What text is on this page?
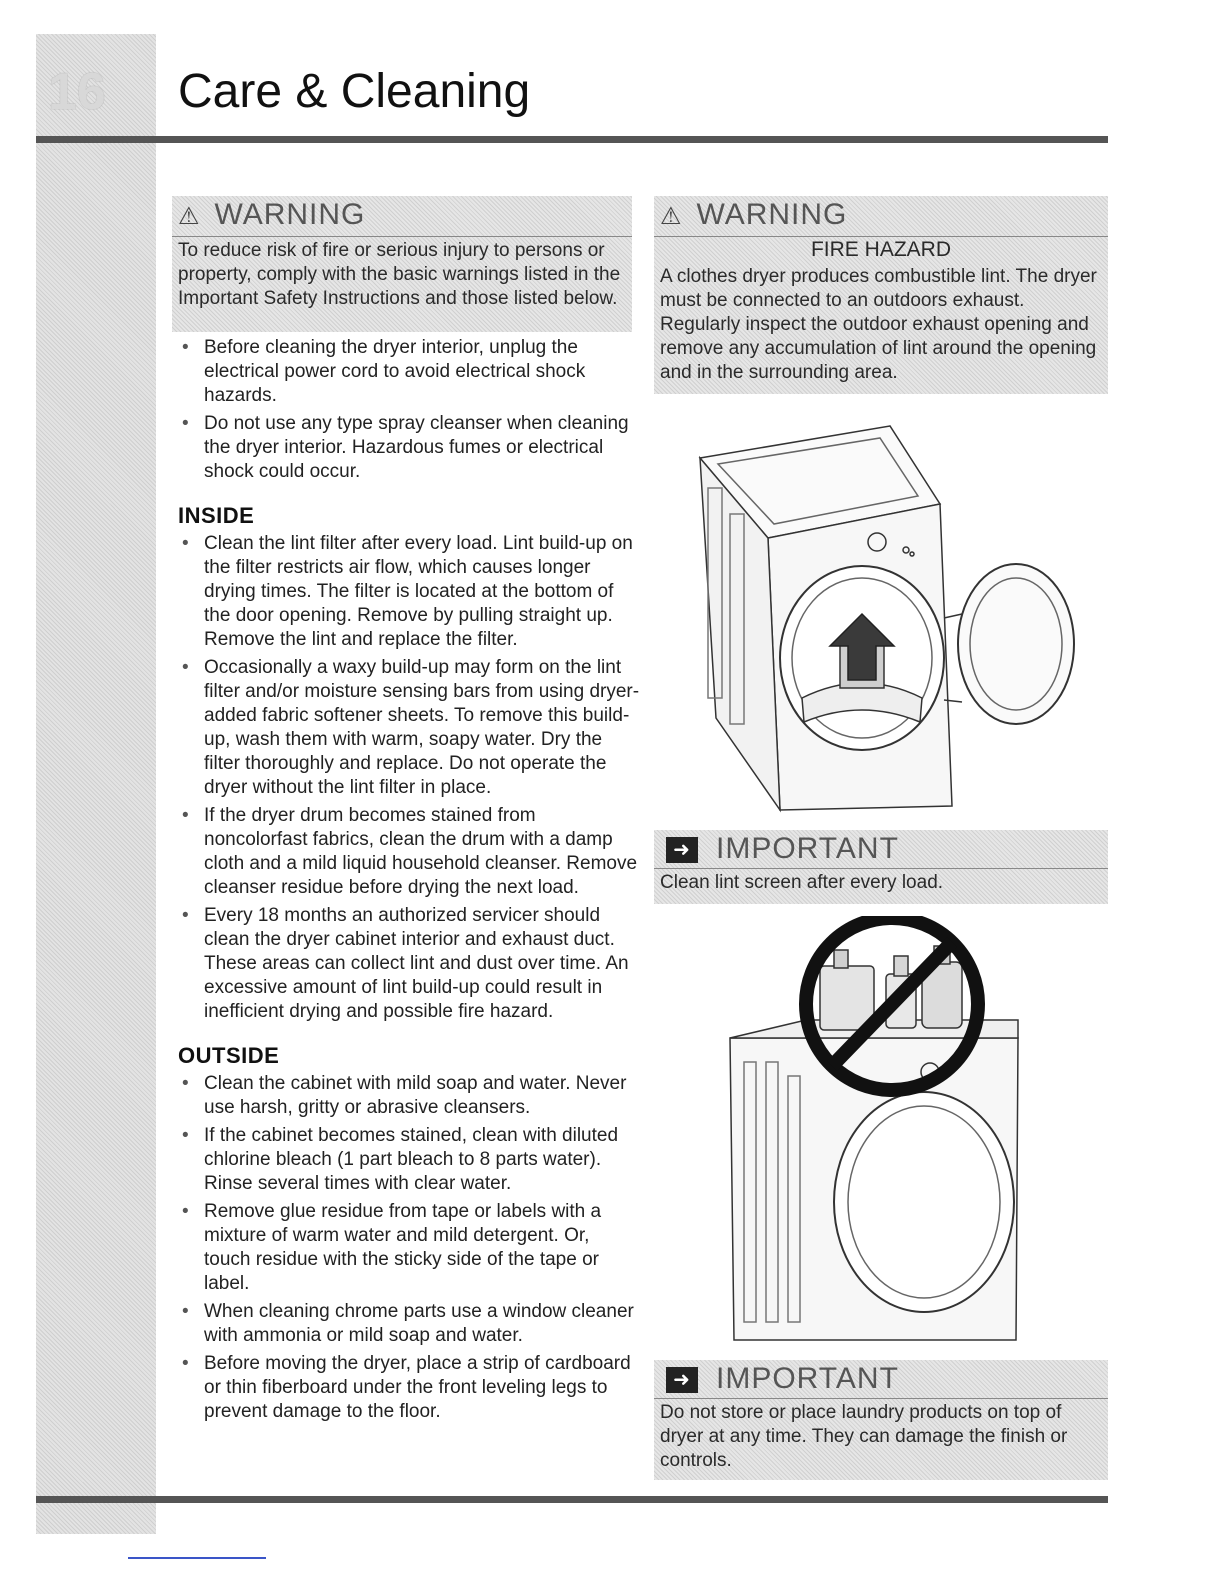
16	Care & Cleaning
⚠ WARNING
To reduce risk of fire or serious injury to persons or property, comply with the basic warnings listed in the Important Safety Instructions and those listed below.
• Before cleaning the dryer interior, unplug the electrical power cord to avoid electrical shock hazards.
• Do not use any type spray cleanser when cleaning the dryer interior. Hazardous fumes or electrical shock could occur.
INSIDE
• Clean the lint filter after every load. Lint build-up on the filter restricts air flow, which causes longer drying times. The filter is located at the bottom of the door opening. Remove by pulling straight up. Remove the lint and replace the filter.
• Occasionally a waxy build-up may form on the lint filter and/or moisture sensing bars from using dryer-added fabric softener sheets. To remove this build-up, wash them with warm, soapy water. Dry the filter thoroughly and replace. Do not operate the dryer without the lint filter in place.
• If the dryer drum becomes stained from noncolorfast fabrics, clean the drum with a damp cloth and a mild liquid household cleanser. Remove cleanser residue before drying the next load.
• Every 18 months an authorized servicer should clean the dryer cabinet interior and exhaust duct. These areas can collect lint and dust over time. An excessive amount of lint build-up could result in inefficient drying and possible fire hazard.
OUTSIDE
• Clean the cabinet with mild soap and water. Never use harsh, gritty or abrasive cleansers.
• If the cabinet becomes stained, clean with diluted chlorine bleach (1 part bleach to 8 parts water). Rinse several times with clear water.
• Remove glue residue from tape or labels with a mixture of warm water and mild detergent. Or, touch residue with the sticky side of the tape or label.
• When cleaning chrome parts use a window cleaner with ammonia or mild soap and water.
• Before moving the dryer, place a strip of cardboard or thin fiberboard under the front leveling legs to prevent damage to the floor.
⚠ WARNING
FIRE HAZARD
A clothes dryer produces combustible lint. The dryer must be connected to an outdoors exhaust. Regularly inspect the outdoor exhaust opening and remove any accumulation of lint around the opening and in the surrounding area.
➜ IMPORTANT
Clean lint screen after every load.
➜ IMPORTANT
Do not store or place laundry products on top of dryer at any time. They can damage the finish or controls.
